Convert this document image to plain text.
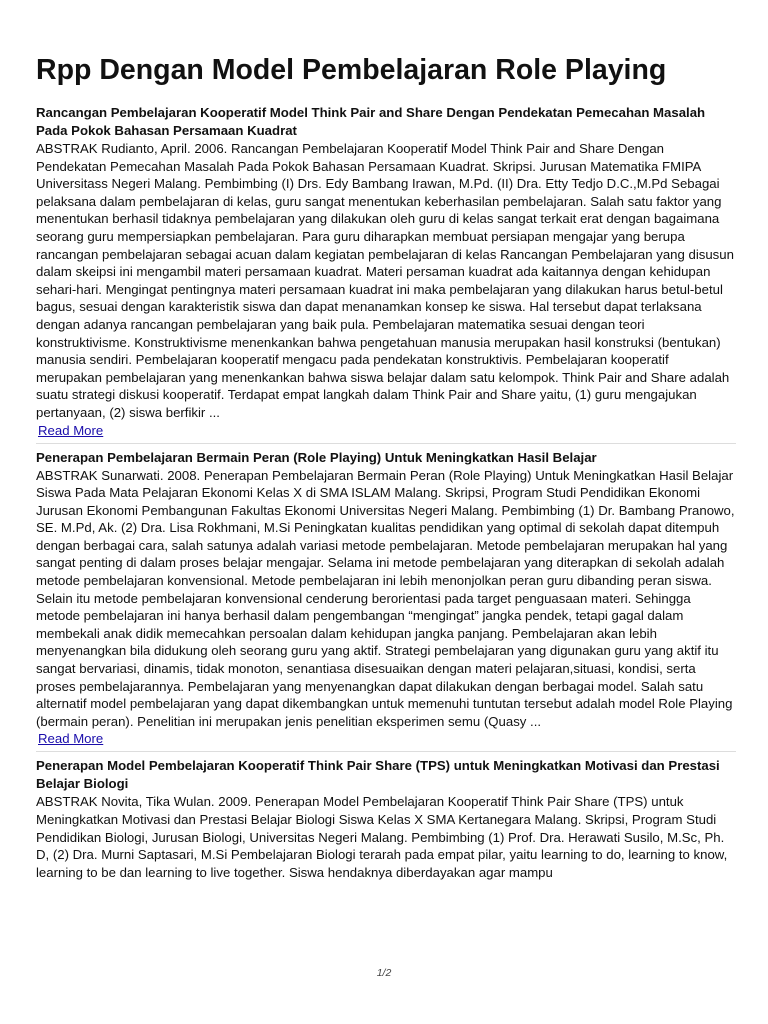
Rpp Dengan Model Pembelajaran Role Playing

Rancangan Pembelajaran Kooperatif Model Think Pair and Share Dengan Pendekatan Pemecahan Masalah Pada Pokok Bahasan Persamaan Kuadrat

ABSTRAK Rudianto, April. 2006. Rancangan Pembelajaran Kooperatif Model Think Pair and Share Dengan Pendekatan Pemecahan Masalah Pada Pokok Bahasan Persamaan Kuadrat. Skripsi. Jurusan Matematika FMIPA Universitass Negeri Malang. Pembimbing (I) Drs. Edy Bambang Irawan, M.Pd. (II) Dra. Etty Tedjo D.C.,M.Pd Sebagai pelaksana dalam pembelajaran di kelas, guru sangat menentukan keberhasilan pembelajaran. Salah satu faktor yang menentukan berhasil tidaknya pembelajaran yang dilakukan oleh guru di kelas sangat terkait erat dengan bagaimana seorang guru mempersiapkan pembelajaran. Para guru diharapkan membuat persiapan mengajar yang berupa rancangan pembelajaran sebagai acuan dalam kegiatan pembelajaran di kelas Rancangan Pembelajaran yang disusun dalam skeipsi ini mengambil materi persamaan kuadrat. Materi persaman kuadrat ada kaitannya dengan kehidupan sehari-hari. Mengingat pentingnya materi persamaan kuadrat ini maka pembelajaran yang dilakukan harus betul-betul bagus, sesuai dengan karakteristik siswa dan dapat menanamkan konsep ke siswa. Hal tersebut dapat terlaksana dengan adanya rancangan pembelajaran yang baik pula. Pembelajaran matematika sesuai dengan teori konstruktivisme. Konstruktivisme menenkankan bahwa pengetahuan manusia merupakan hasil konstruksi (bentukan) manusia sendiri. Pembelajaran kooperatif mengacu pada pendekatan konstruktivis. Pembelajaran kooperatif merupakan pembelajaran yang menenkankan bahwa siswa belajar dalam satu kelompok. Think Pair and Share adalah suatu strategi diskusi kooperatif. Terdapat empat langkah dalam Think Pair and Share yaitu, (1) guru mengajukan pertanyaan, (2) siswa berfikir ...

Read More

Penerapan Pembelajaran Bermain Peran (Role Playing) Untuk Meningkatkan Hasil Belajar

ABSTRAK Sunarwati. 2008. Penerapan Pembelajaran Bermain Peran (Role Playing) Untuk Meningkatkan Hasil Belajar Siswa Pada Mata Pelajaran Ekonomi Kelas X di SMA ISLAM Malang. Skripsi, Program Studi Pendidikan Ekonomi Jurusan Ekonomi Pembangunan Fakultas Ekonomi Universitas Negeri Malang. Pembimbing (1) Dr. Bambang Pranowo, SE. M.Pd, Ak. (2) Dra. Lisa Rokhmani, M.Si Peningkatan kualitas pendidikan yang optimal di sekolah dapat ditempuh dengan berbagai cara, salah satunya adalah variasi metode pembelajaran. Metode pembelajaran merupakan hal yang sangat penting di dalam proses belajar mengajar. Selama ini metode pembelajaran yang diterapkan di sekolah adalah metode pembelajaran konvensional. Metode pembelajaran ini lebih menonjolkan peran guru dibanding peran siswa. Selain itu metode pembelajaran konvensional cenderung berorientasi pada target penguasaan materi. Sehingga metode pembelajaran ini hanya berhasil dalam pengembangan “mengingat” jangka pendek, tetapi gagal dalam membekali anak didik memecahkan persoalan dalam kehidupan jangka panjang. Pembelajaran akan lebih menyenangkan bila didukung oleh seorang guru yang aktif. Strategi pembelajaran yang digunakan guru yang aktif itu sangat bervariasi, dinamis, tidak monoton, senantiasa disesuaikan dengan materi pelajaran,situasi, kondisi, serta proses pembelajarannya. Pembelajaran yang menyenangkan dapat dilakukan dengan berbagai model. Salah satu alternatif model pembelajaran yang dapat dikembangkan untuk memenuhi tuntutan tersebut adalah model Role Playing (bermain peran). Penelitian ini merupakan jenis penelitian eksperimen semu (Quasy ...

Read More

Penerapan Model Pembelajaran Kooperatif Think Pair Share (TPS) untuk Meningkatkan Motivasi dan Prestasi Belajar Biologi

ABSTRAK Novita, Tika Wulan. 2009. Penerapan Model Pembelajaran Kooperatif Think Pair Share (TPS) untuk Meningkatkan Motivasi dan Prestasi Belajar Biologi Siswa Kelas X SMA Kertanegara Malang. Skripsi, Program Studi Pendidikan Biologi, Jurusan Biologi, Universitas Negeri Malang. Pembimbing (1) Prof. Dra. Herawati Susilo, M.Sc, Ph. D, (2) Dra. Murni Saptasari, M.Si Pembelajaran Biologi terarah pada empat pilar, yaitu learning to do, learning to know, learning to be dan learning to live together. Siswa hendaknya diberdayakan agar mampu

1/2
